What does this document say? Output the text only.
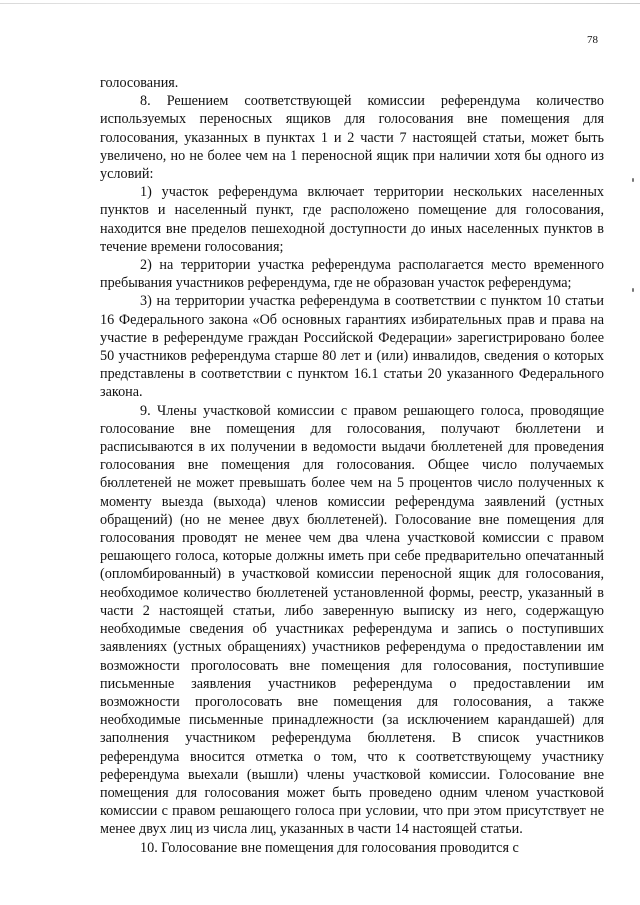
78

голосования.

8. Решением соответствующей комиссии референдума количество используемых переносных ящиков для голосования вне помещения для голосования, указанных в пунктах 1 и 2 части 7 настоящей статьи, может быть увеличено, но не более чем на 1 переносной ящик при наличии хотя бы одного из условий:

1) участок референдума включает территории нескольких населенных пунктов и населенный пункт, где расположено помещение для голосования, находится вне пределов пешеходной доступности до иных населенных пунктов в течение времени голосования;

2) на территории участка референдума располагается место временного пребывания участников референдума, где не образован участок референдума;

3) на территории участка референдума в соответствии с пунктом 10 статьи 16 Федерального закона «Об основных гарантиях избирательных прав и права на участие в референдуме граждан Российской Федерации» зарегистрировано более 50 участников референдума старше 80 лет и (или) инвалидов, сведения о которых представлены в соответствии с пунктом 16.1 статьи 20 указанного Федерального закона.

9. Члены участковой комиссии с правом решающего голоса, проводящие голосование вне помещения для голосования, получают бюллетени и расписываются в их получении в ведомости выдачи бюллетеней для проведения голосования вне помещения для голосования. Общее число получаемых бюллетеней не может превышать более чем на 5 процентов число полученных к моменту выезда (выхода) членов комиссии референдума заявлений (устных обращений) (но не менее двух бюллетеней). Голосование вне помещения для голосования проводят не менее чем два члена участковой комиссии с правом решающего голоса, которые должны иметь при себе предварительно опечатанный (опломбированный) в участковой комиссии переносной ящик для голосования, необходимое количество бюллетеней установленной формы, реестр, указанный в части 2 настоящей статьи, либо заверенную выписку из него, содержащую необходимые сведения об участниках референдума и запись о поступивших заявлениях (устных обращениях) участников референдума о предоставлении им возможности проголосовать вне помещения для голосования, поступившие письменные заявления участников референдума о предоставлении им возможности проголосовать вне помещения для голосования, а также необходимые письменные принадлежности (за исключением карандашей) для заполнения участником референдума бюллетеня. В список участников референдума вносится отметка о том, что к соответствующему участнику референдума выехали (вышли) члены участковой комиссии. Голосование вне помещения для голосования может быть проведено одним членом участковой комиссии с правом решающего голоса при условии, что при этом присутствует не менее двух лиц из числа лиц, указанных в части 14 настоящей статьи.

10. Голосование вне помещения для голосования проводится с
